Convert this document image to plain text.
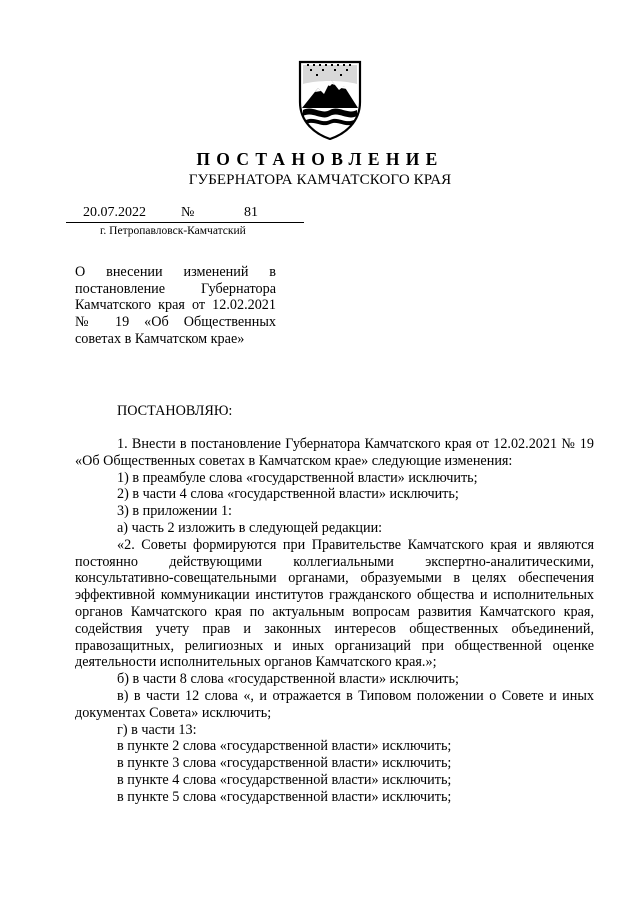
ПОСТАНОВЛЕНИЕ
ГУБЕРНАТОРА КАМЧАТСКОГО КРАЯ
20.07.2022	№	81
г. Петропавловск-Камчатский
О внесении изменений в постановление Губернатора Камчатского края от 12.02.2021 № 19 «Об Общественных советах в Камчатском крае»
ПОСТАНОВЛЯЮ:

1. Внести в постановление Губернатора Камчатского края от 12.02.2021 № 19 «Об Общественных советах в Камчатском крае» следующие изменения:

1) в преамбуле слова «государственной власти» исключить;

2) в части 4 слова «государственной власти» исключить;

3) в приложении 1:

а) часть 2 изложить в следующей редакции:

«2. Советы формируются при Правительстве Камчатского края и являются постоянно действующими коллегиальными экспертно-аналитическими, консультативно-совещательными органами, образуемыми в целях обеспечения эффективной коммуникации институтов гражданского общества и исполнительных органов Камчатского края по актуальным вопросам развития Камчатского края, содействия учету прав и законных интересов общественных объединений, правозащитных, религиозных и иных организаций при общественной оценке деятельности исполнительных органов Камчатского края.»;

б) в части 8 слова «государственной власти» исключить;

в) в части 12 слова «, и отражается в Типовом положении о Совете и иных документах Совета» исключить;

г) в части 13:

в пункте 2 слова «государственной власти» исключить;

в пункте 3 слова «государственной власти» исключить;

в пункте 4 слова «государственной власти» исключить;

в пункте 5 слова «государственной власти» исключить;
